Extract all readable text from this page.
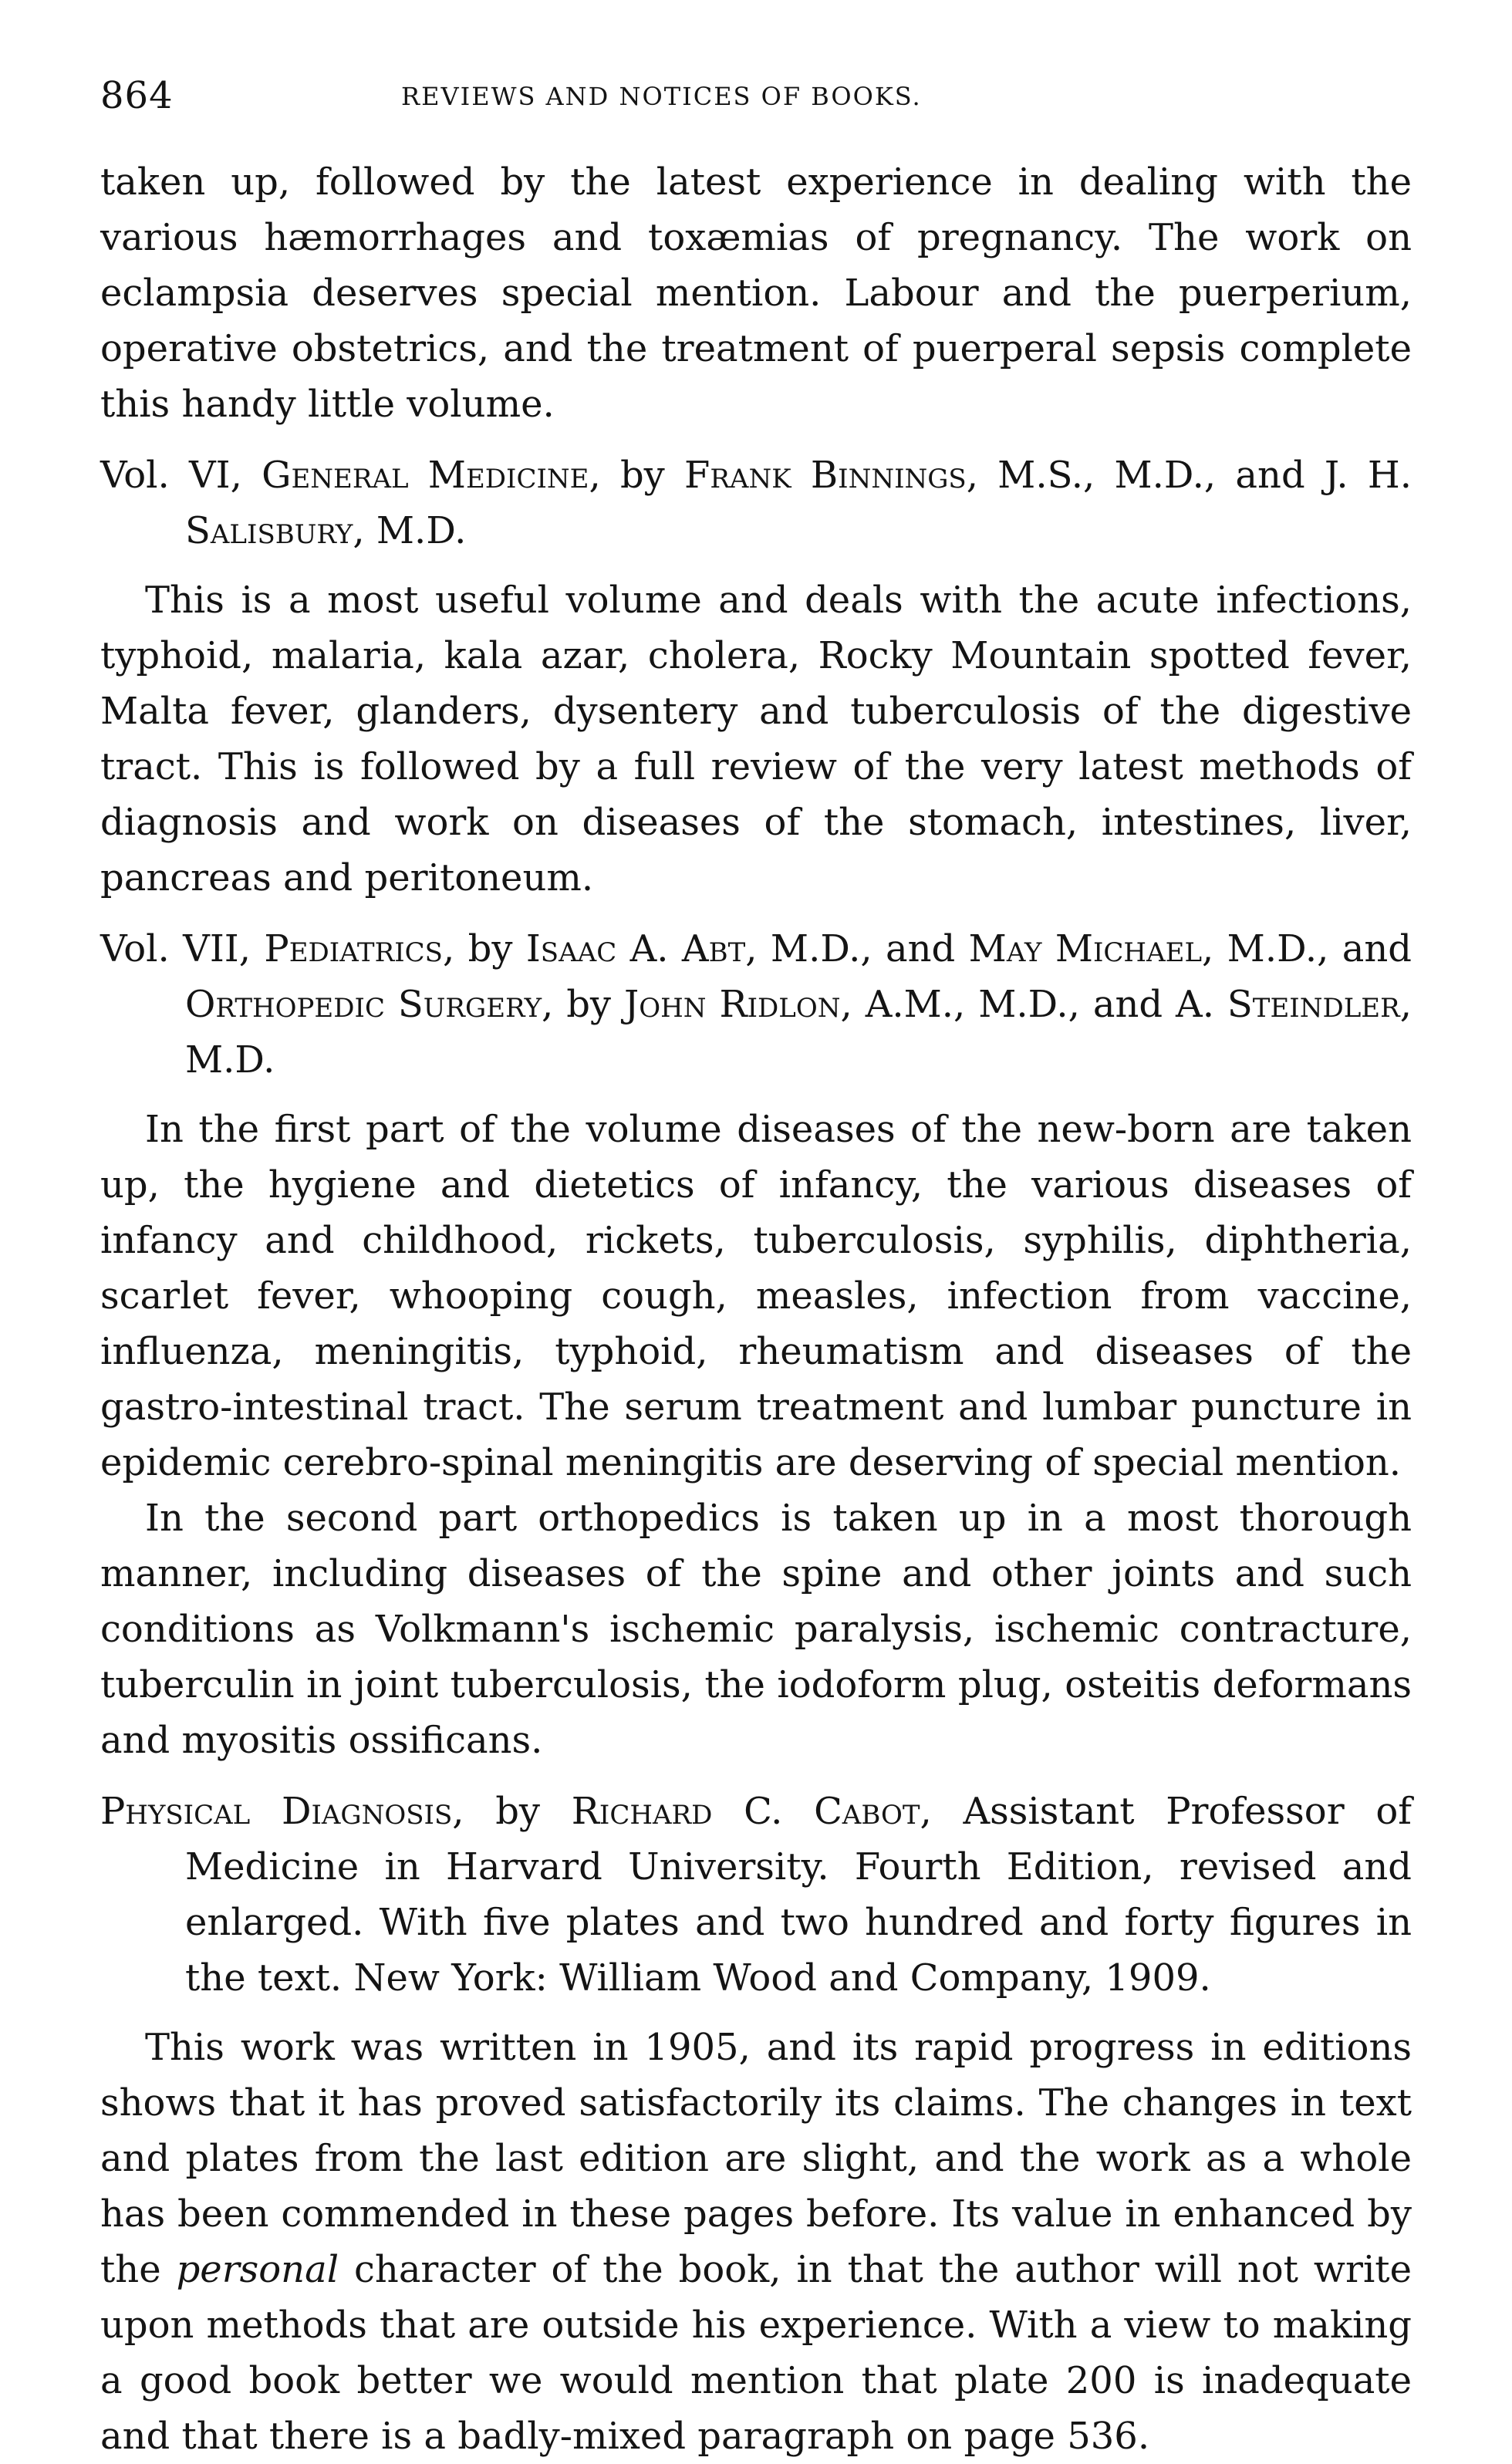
864	REVIEWS AND NOTICES OF BOOKS.

taken up, followed by the latest experience in dealing with the various hæmorrhages and toxæmias of pregnancy. The work on eclampsia deserves special mention. Labour and the puerperium, operative obstetrics, and the treatment of puerperal sepsis complete this handy little volume.

Vol. VI, General Medicine, by Frank Binnings, M.S., M.D., and J. H. Salisbury, M.D.

This is a most useful volume and deals with the acute infections, typhoid, malaria, kala azar, cholera, Rocky Mountain spotted fever, Malta fever, glanders, dysentery and tuberculosis of the digestive tract. This is followed by a full review of the very latest methods of diagnosis and work on diseases of the stomach, intestines, liver, pancreas and peritoneum.

Vol. VII, Pediatrics, by Isaac A. Abt, M.D., and May Michael, M.D., and Orthopedic Surgery, by John Ridlon, A.M., M.D., and A. Steindler, M.D.

In the first part of the volume diseases of the new-born are taken up, the hygiene and dietetics of infancy, the various diseases of infancy and childhood, rickets, tuberculosis, syphilis, diphtheria, scarlet fever, whooping cough, measles, infection from vaccine, influenza, meningitis, typhoid, rheumatism and diseases of the gastro-intestinal tract. The serum treatment and lumbar puncture in epidemic cerebro-spinal meningitis are deserving of special mention.

In the second part orthopedics is taken up in a most thorough manner, including diseases of the spine and other joints and such conditions as Volkmann's ischemic paralysis, ischemic contracture, tuberculin in joint tuberculosis, the iodoform plug, osteitis deformans and myositis ossificans.

Physical Diagnosis, by Richard C. Cabot, Assistant Professor of Medicine in Harvard University. Fourth Edition, revised and enlarged. With five plates and two hundred and forty figures in the text. New York: William Wood and Company, 1909.

This work was written in 1905, and its rapid progress in editions shows that it has proved satisfactorily its claims. The changes in text and plates from the last edition are slight, and the work as a whole has been commended in these pages before. Its value in enhanced by the personal character of the book, in that the author will not write upon methods that are outside his experience. With a view to making a good book better we would mention that plate 200 is inadequate and that there is a badly-mixed paragraph on page 536.
